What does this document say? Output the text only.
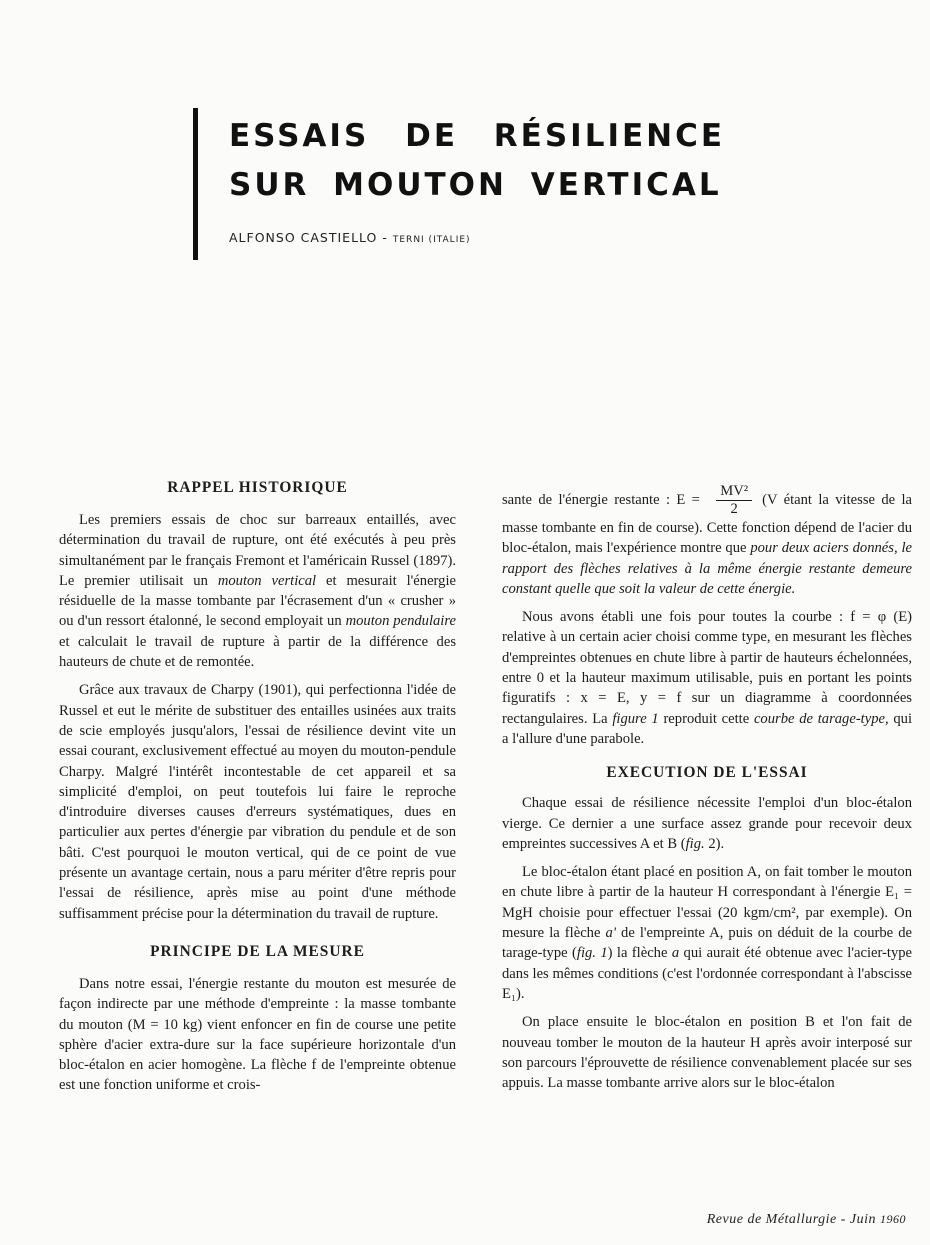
ESSAIS DE RÉSILIENCE
SUR MOUTON VERTICAL
ALFONSO CASTIELLO - TERNI (ITALIE)
RAPPEL HISTORIQUE

Les premiers essais de choc sur barreaux entaillés, avec détermination du travail de rupture, ont été exécutés à peu près simultanément par le français Fremont et l'américain Russel (1897). Le premier utilisait un mouton vertical et mesurait l'énergie résiduelle de la masse tombante par l'écrasement d'un « crusher » ou d'un ressort étalonné, le second employait un mouton pendulaire et calculait le travail de rupture à partir de la différence des hauteurs de chute et de remontée.

Grâce aux travaux de Charpy (1901), qui perfectionna l'idée de Russel et eut le mérite de substituer des entailles usinées aux traits de scie employés jusqu'alors, l'essai de résilience devint vite un essai courant, exclusivement effectué au moyen du mouton-pendule Charpy. Malgré l'intérêt incontestable de cet appareil et sa simplicité d'emploi, on peut toutefois lui faire le reproche d'introduire diverses causes d'erreurs systématiques, dues en particulier aux pertes d'énergie par vibration du pendule et de son bâti. C'est pourquoi le mouton vertical, qui de ce point de vue présente un avantage certain, nous a paru mériter d'être repris pour l'essai de résilience, après mise au point d'une méthode suffisamment précise pour la détermination du travail de rupture.

PRINCIPE DE LA MESURE

Dans notre essai, l'énergie restante du mouton est mesurée de façon indirecte par une méthode d'empreinte : la masse tombante du mouton (M = 10 kg) vient enfoncer en fin de course une petite sphère d'acier extra-dure sur la face supérieure horizontale d'un bloc-étalon en acier homogène. La flèche f de l'empreinte obtenue est une fonction uniforme et crois-

sante de l'énergie restante : $E = \frac{\text{MV²}}{2} (V$ étant la vitesse de la masse tombante en fin de course). Cette fonction dépend de l'acier du bloc-étalon, mais l'expérience montre que pour deux aciers donnés, le rapport des flèches relatives à la même énergie restante demeure constant quelle que soit la valeur de cette énergie.

Nous avons établi une fois pour toutes la courbe : f = φ (E) relative à un certain acier choisi comme type, en mesurant les flèches d'empreintes obtenues en chute libre à partir de hauteurs échelonnées, entre 0 et la hauteur maximum utilisable, puis en portant les points figuratifs : x = E, y = f sur un diagramme à coordonnées rectangulaires. La figure 1 reproduit cette courbe de tarage-type, qui a l'allure d'une parabole.

EXECUTION DE L'ESSAI

Chaque essai de résilience nécessite l'emploi d'un bloc-étalon vierge. Ce dernier a une surface assez grande pour recevoir deux empreintes successives A et B (fig. 2).

Le bloc-étalon étant placé en position A, on fait tomber le mouton en chute libre à partir de la hauteur H correspondant à l'énergie E₁ = MgH choisie pour effectuer l'essai (20 kgm/cm², par exemple). On mesure la flèche a' de l'empreinte A, puis on déduit de la courbe de tarage-type (fig. 1) la flèche a qui aurait été obtenue avec l'acier-type dans les mêmes conditions (c'est l'ordonnée correspondant à l'abscisse E₁).

On place ensuite le bloc-étalon en position B et l'on fait de nouveau tomber le mouton de la hauteur H après avoir interposé sur son parcours l'éprouvette de résilience convenablement placée sur ses appuis. La masse tombante arrive alors sur le bloc-étalon

Revue de Métallurgie - Juin 1960
